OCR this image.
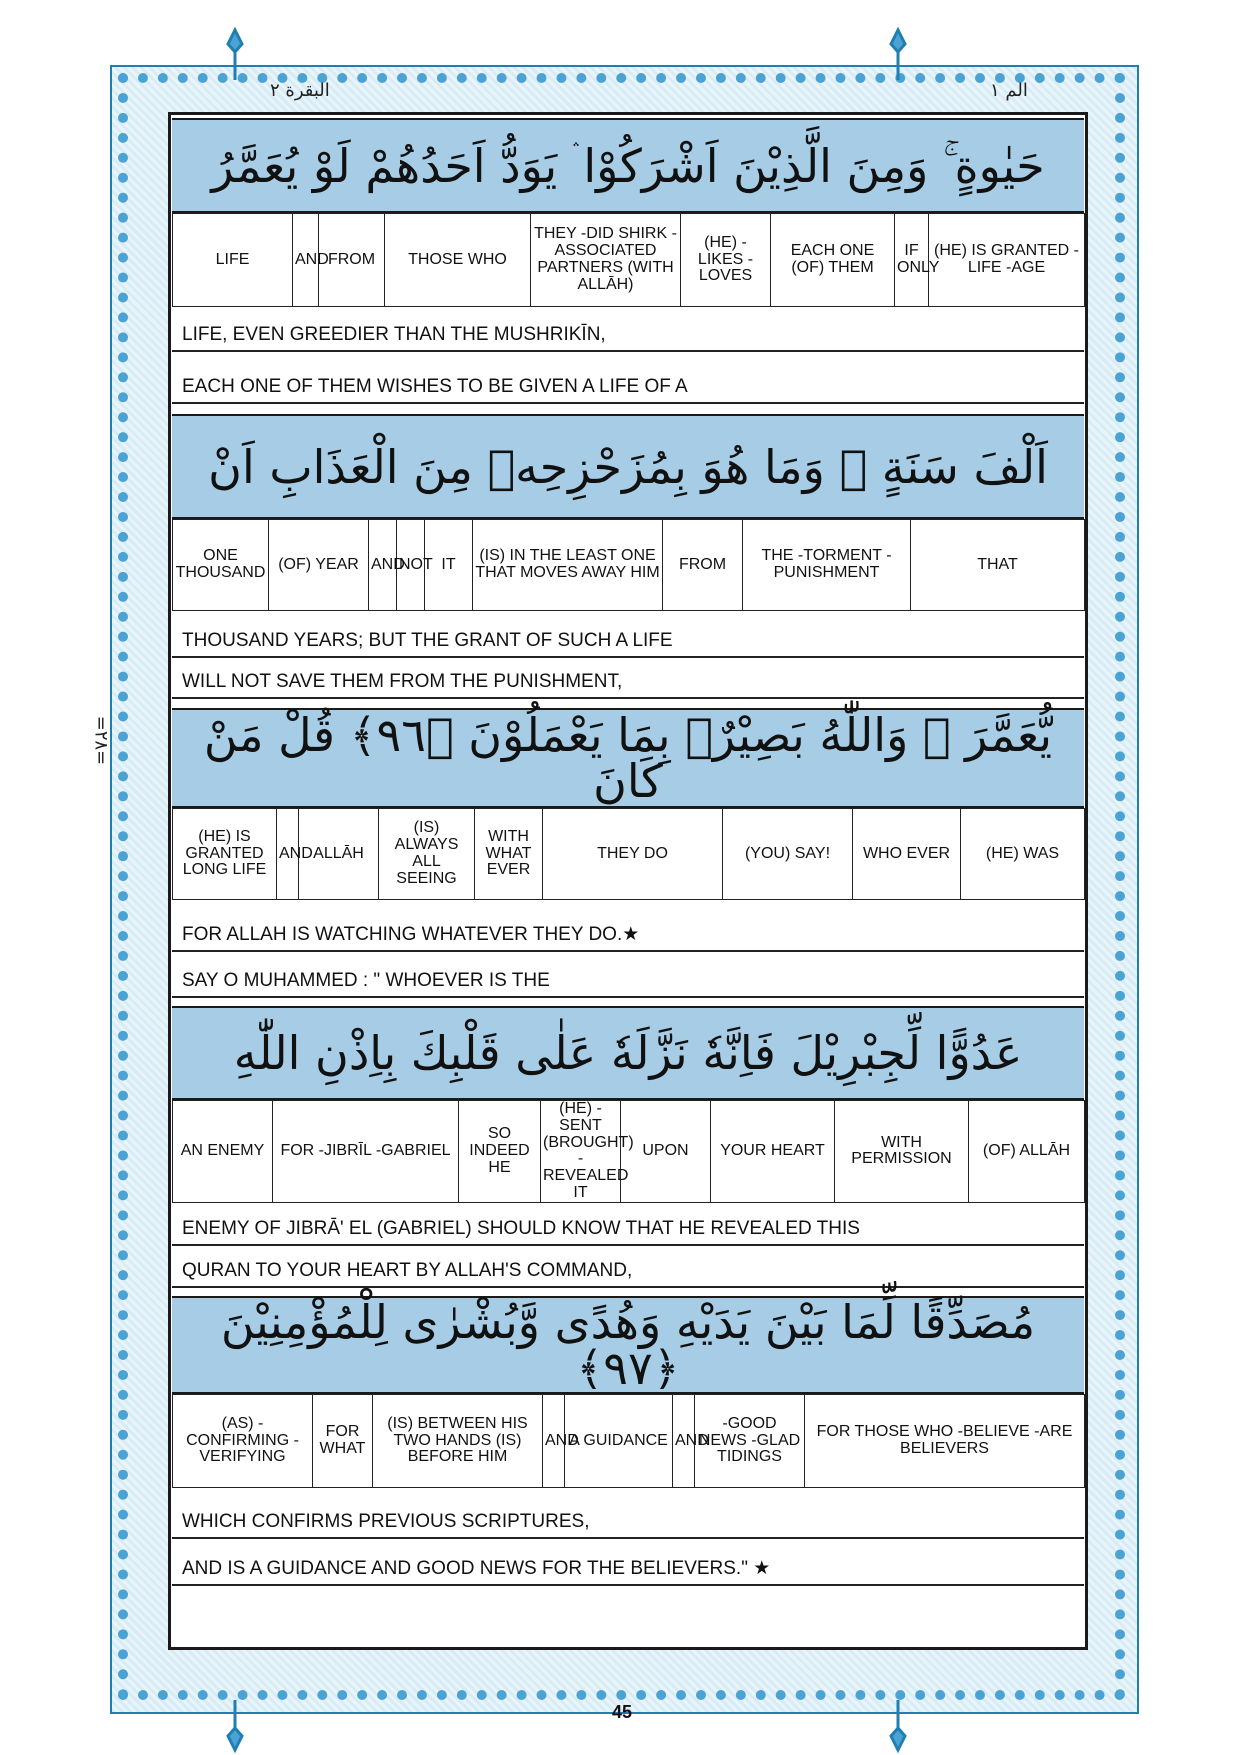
البقرة ٢	الم ١
=٢٨=
حَيٰوةٍ ۚ وَمِنَ الَّذِيْنَ اَشْرَكُوْا ۛ يَوَدُّ اَحَدُهُمْ لَوْ يُعَمَّرُ
LIFE	AND	FROM	THOSE WHO	THEY -DID SHIRK -ASSOCIATED PARTNERS (WITH ALLĀH)	(HE) -LIKES -LOVES	EACH ONE (OF) THEM	IF ONLY	(HE) IS GRANTED -LIFE -AGE
LIFE, EVEN GREEDIER THAN THE MUSHRIKĪN,
EACH ONE OF THEM WISHES TO BE GIVEN A LIFE OF A
اَلْفَ سَنَةٍ ۚ وَمَا هُوَ بِمُزَحْزِحِهٖ مِنَ الْعَذَابِ اَنْ
ONE THOUSAND	(OF) YEAR	AND	NOT	IT	(IS) IN THE LEAST ONE THAT MOVES AWAY HIM	FROM	THE -TORMENT -PUNISHMENT	THAT
THOUSAND YEARS; BUT THE GRANT OF SUCH A LIFE
WILL NOT SAVE THEM FROM THE PUNISHMENT,
يُّعَمَّرَ ۗ وَاللّٰهُ بَصِيْرٌۢ بِمَا يَعْمَلُوْنَ ﴿٩٦﴾ قُلْ مَنْ كَانَ
(HE) IS GRANTED LONG LIFE	AND	ALLĀH	(IS) ALWAYS ALL SEEING	WITH WHAT EVER	THEY DO	(YOU) SAY!	WHO EVER	(HE) WAS
FOR ALLAH IS WATCHING WHATEVER THEY DO.★
SAY O MUHAMMED : " WHOEVER IS THE
عَدُوًّا لِّجِبْرِيْلَ فَاِنَّهٗ نَزَّلَهٗ عَلٰى قَلْبِكَ بِاِذْنِ اللّٰهِ
AN ENEMY	FOR -JIBRĪL -GABRIEL	SO INDEED HE	(HE) -SENT (BROUGHT) -REVEALED IT	UPON	YOUR HEART	WITH PERMISSION	(OF) ALLĀH
ENEMY OF JIBRĀ' EL (GABRIEL) SHOULD KNOW THAT HE REVEALED THIS
QURAN TO YOUR HEART BY ALLAH'S COMMAND,
مُصَدِّقًا لِّمَا بَيْنَ يَدَيْهِ وَهُدًى وَّبُشْرٰى لِلْمُؤْمِنِيْنَ ﴿٩٧﴾
(AS) -CONFIRMING -VERIFYING	FOR WHAT	(IS) BETWEEN HIS TWO HANDS (IS) BEFORE HIM	AND	A GUIDANCE	AND	-GOOD NEWS -GLAD TIDINGS	FOR THOSE WHO -BELIEVE -ARE BELIEVERS
WHICH CONFIRMS PREVIOUS SCRIPTURES,
AND IS A GUIDANCE AND GOOD NEWS FOR THE BELIEVERS." ★
45
